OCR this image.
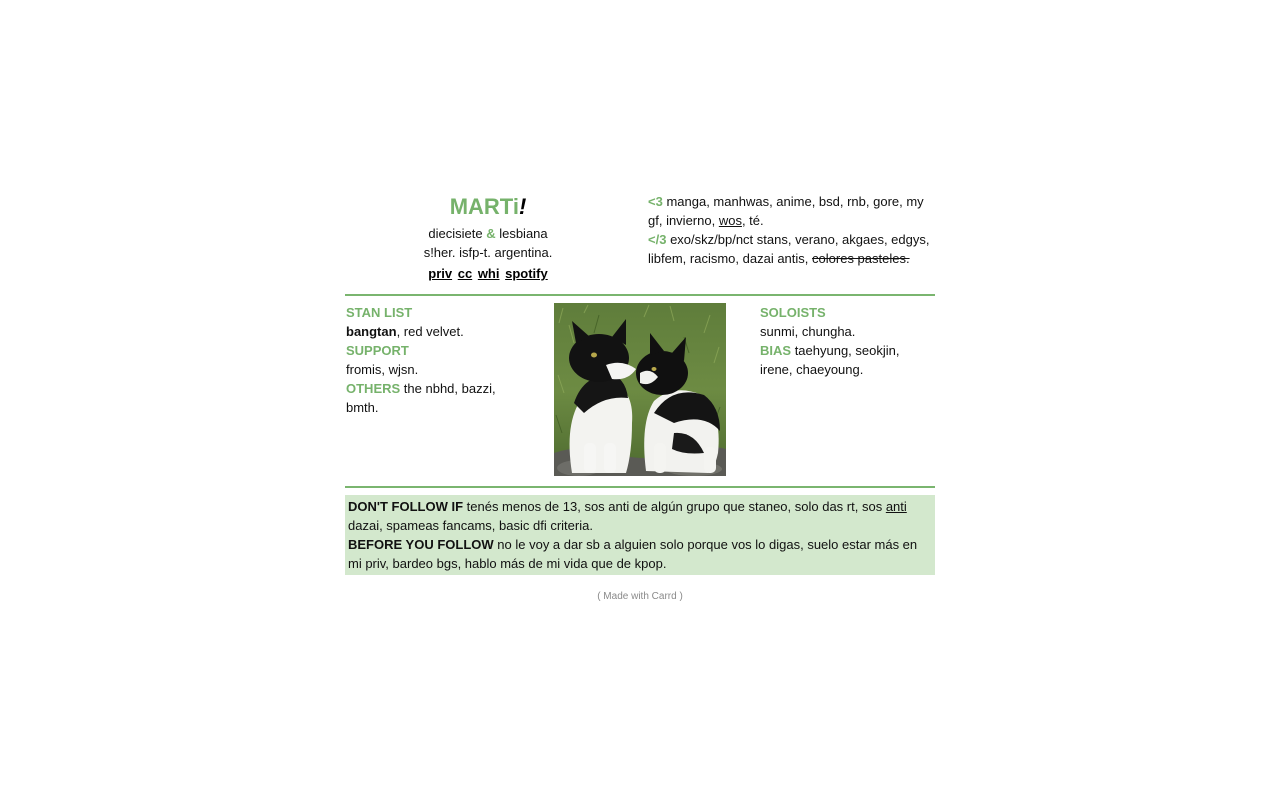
MARTi!
diecisiete & lesbiana
s!her. isfp-t. argentina.
priv cc whi spotify
<3 manga, manhwas, anime, bsd, rnb, gore, my gf, invierno, wos, té.
</3 exo/skz/bp/nct stans, verano, akgaes, edgys, libfem, racismo, dazai antis, colores pasteles.
STAN LIST
bangtan, red velvet.
SUPPORT
fromis, wjsn.
OTHERS the nbhd, bazzi, bmth.
SOLOISTS
sunmi, chungha.
BIAS taehyung, seokjin, irene, chaeyoung.
DON'T FOLLOW IF tenés menos de 13, sos anti de algún grupo que staneo, solo das rt, sos anti dazai, spameas fancams, basic dfi criteria.
BEFORE YOU FOLLOW no le voy a dar sb a alguien solo porque vos lo digas, suelo estar más en mi priv, bardeo bgs, hablo más de mi vida que de kpop.
( Made with Carrd )
